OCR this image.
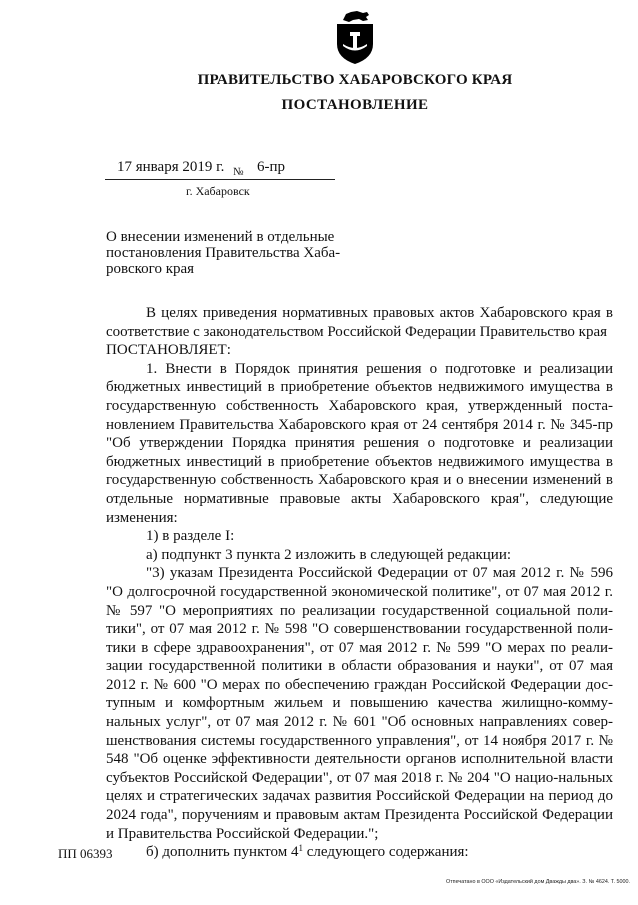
ПРАВИТЕЛЬСТВО ХАБАРОВСКОГО КРАЯ
ПОСТАНОВЛЕНИЕ
17 января 2019 г. № 6-пр
г. Хабаровск
О внесении изменений в отдельные постановления Правительства Хаба-ровского края

В целях приведения нормативных правовых актов Хабаровского края в соответствие с законодательством Российской Федерации Правительство края

ПОСТАНОВЛЯЕТ:

1. Внести в Порядок принятия решения о подготовке и реализации бюджетных инвестиций в приобретение объектов недвижимого имущества в государственную собственность Хабаровского края, утвержденный поста-новлением Правительства Хабаровского края от 24 сентября 2014 г. № 345-пр "Об утверждении Порядка принятия решения о подготовке и реализации бюджетных инвестиций в приобретение объектов недвижимого имущества в государственную собственность Хабаровского края и о внесении изменений в отдельные нормативные правовые акты Хабаровского края", следующие изменения:

1) в разделе I:

а) подпункт 3 пункта 2 изложить в следующей редакции:

"3) указам Президента Российской Федерации от 07 мая 2012 г. № 596 "О долгосрочной государственной экономической политике", от 07 мая 2012 г. № 597 "О мероприятиях по реализации государственной социальной поли-тики", от 07 мая 2012 г. № 598 "О совершенствовании государственной поли-тики в сфере здравоохранения", от 07 мая 2012 г. № 599 "О мерах по реали-зации государственной политики в области образования и науки", от 07 мая 2012 г. № 600 "О мерах по обеспечению граждан Российской Федерации дос-тупным и комфортным жильем и повышению качества жилищно-комму-нальных услуг", от 07 мая 2012 г. № 601 "Об основных направлениях совер-шенствования системы государственного управления", от 14 ноября 2017 г. № 548 "Об оценке эффективности деятельности органов исполнительной власти субъектов Российской Федерации", от 07 мая 2018 г. № 204 "О нацио-нальных целях и стратегических задачах развития Российской Федерации на период до 2024 года", поручениям и правовым актам Президента Российской Федерации и Правительства Российской Федерации.";

б) дополнить пунктом $4^1$ следующего содержания:

ПП 06393
Отпечатано в ООО «Издательский дом Дважды два». З. № 4624. Т. 5000.
